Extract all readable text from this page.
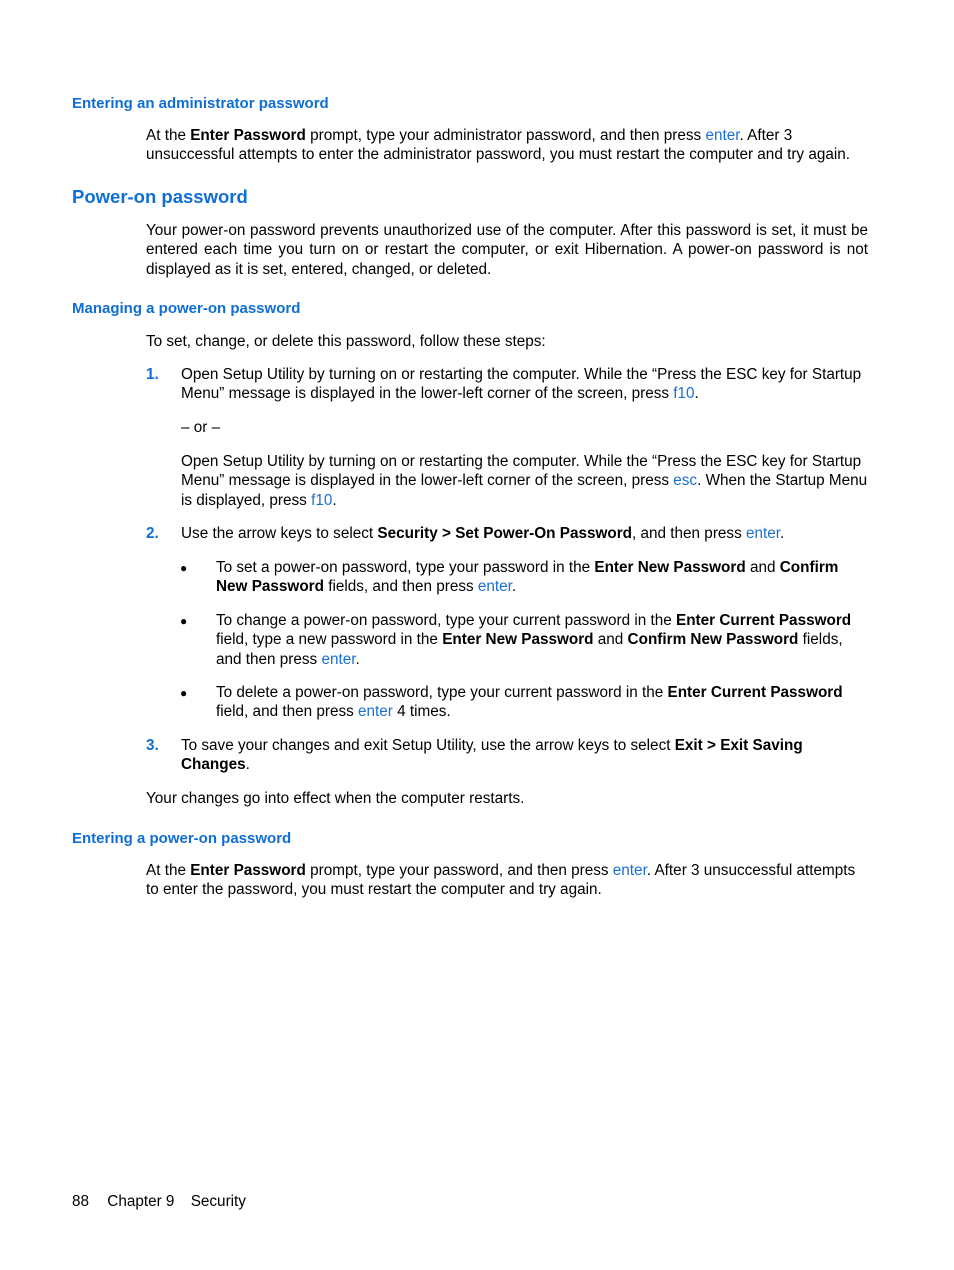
Entering an administrator password
At the Enter Password prompt, type your administrator password, and then press enter. After 3 unsuccessful attempts to enter the administrator password, you must restart the computer and try again.
Power-on password
Your power-on password prevents unauthorized use of the computer. After this password is set, it must be entered each time you turn on or restart the computer, or exit Hibernation. A power-on password is not displayed as it is set, entered, changed, or deleted.
Managing a power-on password
To set, change, or delete this password, follow these steps:
1. Open Setup Utility by turning on or restarting the computer. While the “Press the ESC key for Startup Menu” message is displayed in the lower-left corner of the screen, press f10.
– or –
Open Setup Utility by turning on or restarting the computer. While the “Press the ESC key for Startup Menu” message is displayed in the lower-left corner of the screen, press esc. When the Startup Menu is displayed, press f10.
2. Use the arrow keys to select Security > Set Power-On Password, and then press enter.
● To set a power-on password, type your password in the Enter New Password and Confirm New Password fields, and then press enter.
● To change a power-on password, type your current password in the Enter Current Password field, type a new password in the Enter New Password and Confirm New Password fields, and then press enter.
● To delete a power-on password, type your current password in the Enter Current Password field, and then press enter 4 times.
3. To save your changes and exit Setup Utility, use the arrow keys to select Exit > Exit Saving Changes.
Your changes go into effect when the computer restarts.
Entering a power-on password
At the Enter Password prompt, type your password, and then press enter. After 3 unsuccessful attempts to enter the password, you must restart the computer and try again.
88 Chapter 9 Security
